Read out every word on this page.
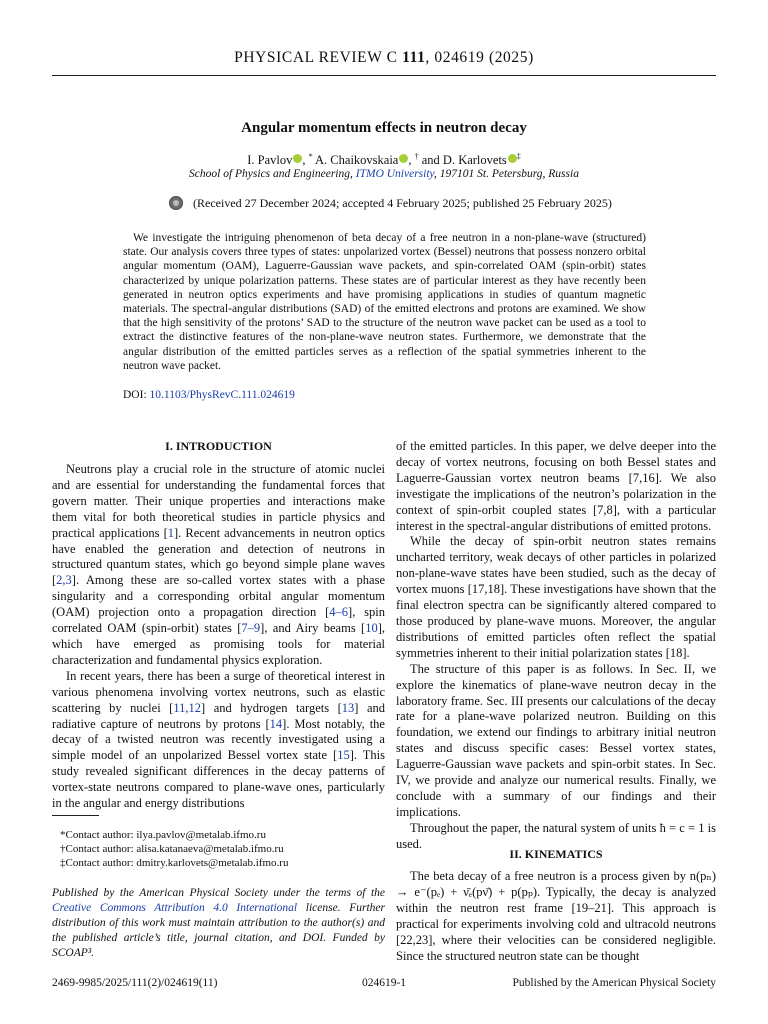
PHYSICAL REVIEW C 111, 024619 (2025)
Angular momentum effects in neutron decay
I. Pavlov , * A. Chaikovskaia , † and D. Karlovets ‡
School of Physics and Engineering, ITMO University, 197101 St. Petersburg, Russia
(Received 27 December 2024; accepted 4 February 2025; published 25 February 2025)
We investigate the intriguing phenomenon of beta decay of a free neutron in a non-plane-wave (structured) state. Our analysis covers three types of states: unpolarized vortex (Bessel) neutrons that possess nonzero orbital angular momentum (OAM), Laguerre-Gaussian wave packets, and spin-correlated OAM (spin-orbit) states characterized by unique polarization patterns. These states are of particular interest as they have recently been generated in neutron optics experiments and have promising applications in studies of quantum magnetic materials. The spectral-angular distributions (SAD) of the emitted electrons and protons are examined. We show that the high sensitivity of the protons’ SAD to the structure of the neutron wave packet can be used as a tool to extract the distinctive features of the non-plane-wave neutron states. Furthermore, we demonstrate that the angular distribution of the emitted particles serves as a reflection of the spatial symmetries inherent to the neutron wave packet.
DOI: 10.1103/PhysRevC.111.024619
I. INTRODUCTION

Neutrons play a crucial role in the structure of atomic nuclei and are essential for understanding the fundamental forces that govern matter. Their unique properties and interactions make them vital for both theoretical studies in particle physics and practical applications [1]. Recent advancements in neutron optics have enabled the generation and detection of neutrons in structured quantum states, which go beyond simple plane waves [2,3]. Among these are so-called vortex states with a phase singularity and a corresponding orbital angular momentum (OAM) projection onto a propagation direction [4–6], spin correlated OAM (spin-orbit) states [7–9], and Airy beams [10], which have emerged as promising tools for material characterization and fundamental physics exploration.

In recent years, there has been a surge of theoretical interest in various phenomena involving vortex neutrons, such as elastic scattering by nuclei [11,12] and hydrogen targets [13] and radiative capture of neutrons by protons [14]. Most notably, the decay of a twisted neutron was recently investigated using a simple model of an unpolarized Bessel vortex state [15]. This study revealed significant differences in the decay patterns of vortex-state neutrons compared to plane-wave ones, particularly in the angular and energy distributions

of the emitted particles. In this paper, we delve deeper into the decay of vortex neutrons, focusing on both Bessel states and Laguerre-Gaussian vortex neutron beams [7,16]. We also investigate the implications of the neutron’s polarization in the context of spin-orbit coupled states [7,8], with a particular interest in the spectral-angular distributions of emitted protons.

While the decay of spin-orbit neutron states remains uncharted territory, weak decays of other particles in polarized non-plane-wave states have been studied, such as the decay of vortex muons [17,18]. These investigations have shown that the final electron spectra can be significantly altered compared to those produced by plane-wave muons. Moreover, the angular distributions of emitted particles often reflect the spatial symmetries inherent to their initial polarization states [18].

The structure of this paper is as follows. In Sec. II, we explore the kinematics of plane-wave neutron decay in the laboratory frame. Sec. III presents our calculations of the decay rate for a plane-wave polarized neutron. Building on this foundation, we extend our findings to arbitrary initial neutron states and discuss specific cases: Bessel vortex states, Laguerre-Gaussian wave packets and spin-orbit states. In Sec. IV, we provide and analyze our numerical results. Finally, we conclude with a summary of our findings and their implications.

Throughout the paper, the natural system of units ħ = c = 1 is used.

II. KINEMATICS

The beta decay of a free neutron is a process given by n(pₙ) → e⁻(pₑ) + ν̄ₑ(pν̄) + p(pₚ). Typically, the decay is analyzed within the neutron rest frame [19–21]. This approach is practical for experiments involving cold and ultracold neutrons [22,23], where their velocities can be considered negligible. Since the structured neutron state can be thought

*Contact author: ilya.pavlov@metalab.ifmo.ru
†Contact author: alisa.katanaeva@metalab.ifmo.ru
‡Contact author: dmitry.karlovets@metalab.ifmo.ru
Published by the American Physical Society under the terms of the Creative Commons Attribution 4.0 International license. Further distribution of this work must maintain attribution to the author(s) and the published article’s title, journal citation, and DOI. Funded by SCOAP³.
2469-9985/2025/111(2)/024619(11)	024619-1	Published by the American Physical Society
